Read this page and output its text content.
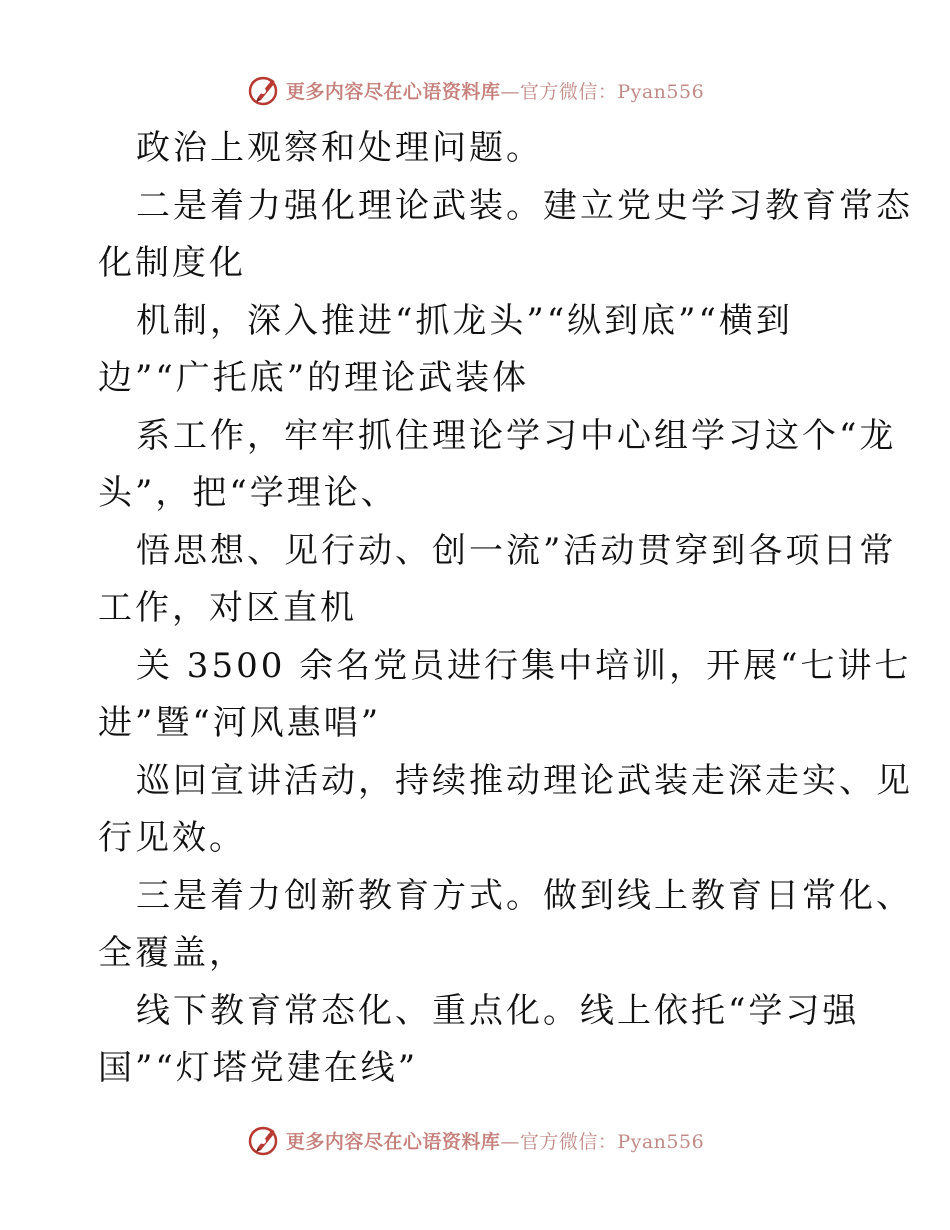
更多内容尽在心语资料库—官方微信：Pyan556
政治上观察和处理问题。
二是着力强化理论武装。建立党史学习教育常态
化制度化
机制，深入推进“抓龙头”“纵到底”“横到
边”“广托底”的理论武装体
系工作，牢牢抓住理论学习中心组学习这个“龙
头”，把“学理论、
悟思想、见行动、创一流”活动贯穿到各项日常
工作，对区直机
关 3500 余名党员进行集中培训，开展“七讲七
进”暨“河风惠唱”
巡回宣讲活动，持续推动理论武装走深走实、见
行见效。
三是着力创新教育方式。做到线上教育日常化、
全覆盖，
线下教育常态化、重点化。线上依托“学习强
国”“灯塔党建在线”
更多内容尽在心语资料库—官方微信：Pyan556
